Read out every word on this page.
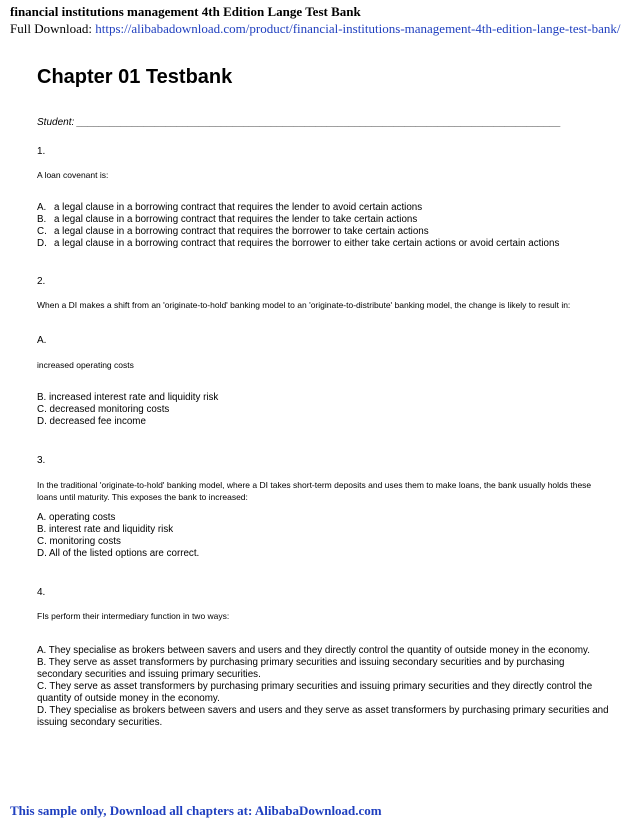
financial institutions management 4th Edition Lange Test Bank
Full Download: https://alibabadownload.com/product/financial-institutions-management-4th-edition-lange-test-bank/
Chapter 01 Testbank
Student: _______________________________________________________________________________________
1.
A loan covenant is:
A. a legal clause in a borrowing contract that requires the lender to avoid certain actions
B. a legal clause in a borrowing contract that requires the lender to take certain actions
C. a legal clause in a borrowing contract that requires the borrower to take certain actions
D. a legal clause in a borrowing contract that requires the borrower to either take certain actions or avoid certain actions
2.
When a DI makes a shift from an 'originate-to-hold' banking model to an 'originate-to-distribute' banking model, the change is likely to result in:
A.
increased operating costs
B. increased interest rate and liquidity risk
C. decreased monitoring costs
D. decreased fee income
3.
In the traditional 'originate-to-hold' banking model, where a DI takes short-term deposits and uses them to make loans, the bank usually holds these loans until maturity. This exposes the bank to increased:
A. operating costs
B. interest rate and liquidity risk
C. monitoring costs
D. All of the listed options are correct.
4.
FIs perform their intermediary function in two ways:
A. They specialise as brokers between savers and users and they directly control the quantity of outside money in the economy.
B. They serve as asset transformers by purchasing primary securities and issuing secondary securities and by purchasing secondary securities and issuing primary securities.
C. They serve as asset transformers by purchasing primary securities and issuing primary securities and they directly control the quantity of outside money in the economy.
D. They specialise as brokers between savers and users and they serve as asset transformers by purchasing primary securities and issuing secondary securities.
This sample only, Download all chapters at: AlibabaDownload.com
